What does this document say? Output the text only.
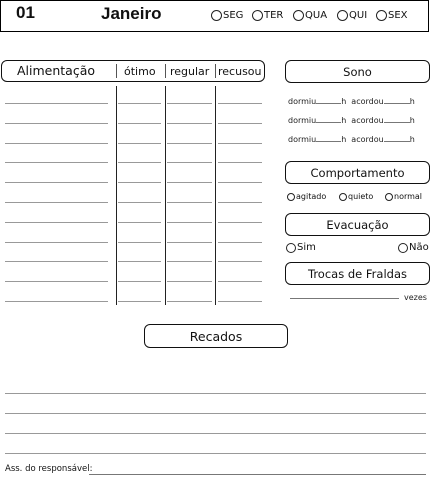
01	Janeiro	SEG TER QUA QUI SEX
Alimentação	ótimo regular recusou	Sono
dormiu	h acordou	h
dormiu	h acordou	h
dormiu	h acordou	h
Comportamento
agitado	quieto	normal
Evacuação
Sim	Não
Trocas de Fraldas
vezes
Recados
Ass. do responsável:
